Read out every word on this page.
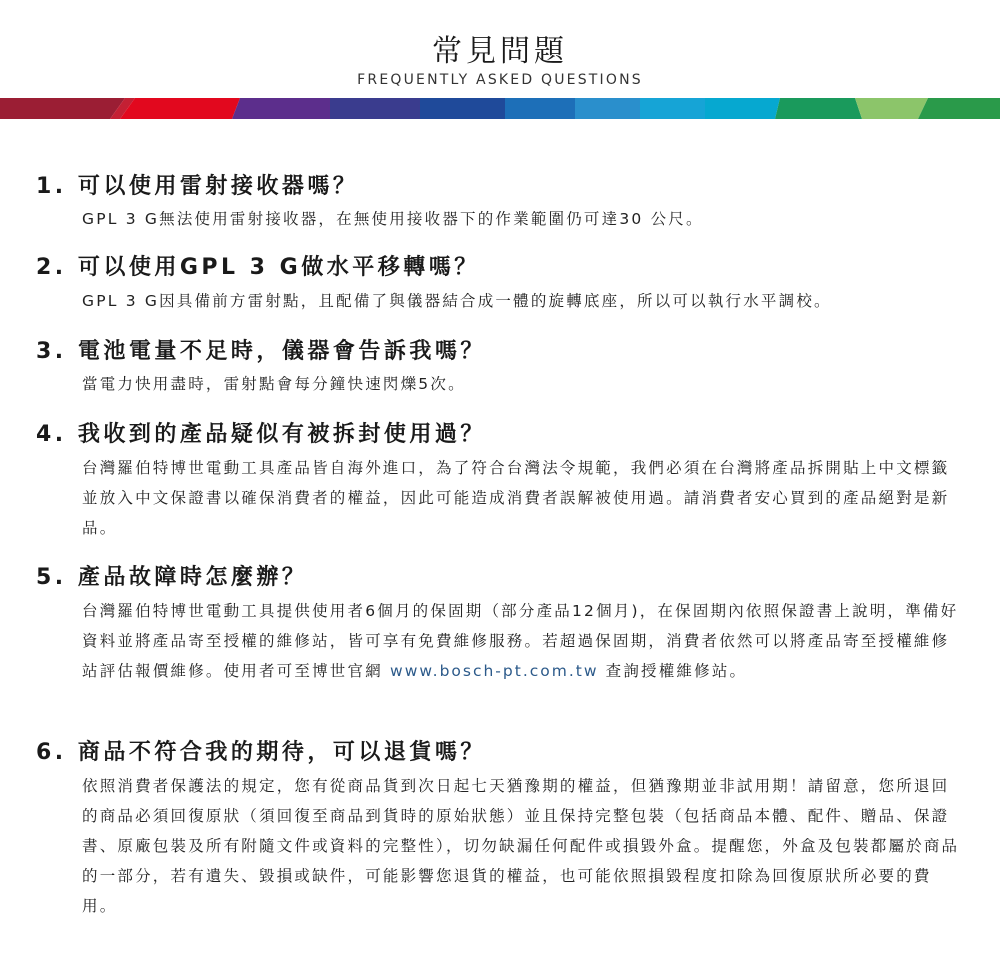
常見問題
FREQUENTLY ASKED QUESTIONS
1. 可以使用雷射接收器嗎？
GPL 3 G無法使用雷射接收器，在無使用接收器下的作業範圍仍可達30 公尺。
2. 可以使用GPL 3 G做水平移轉嗎？
GPL 3 G因具備前方雷射點，且配備了與儀器結合成一體的旋轉底座，所以可以執行水平調校。
3. 電池電量不足時，儀器會告訴我嗎？
當電力快用盡時，雷射點會每分鐘快速閃爍5次。
4. 我收到的產品疑似有被拆封使用過？
台灣羅伯特博世電動工具產品皆自海外進口，為了符合台灣法令規範，我們必須在台灣將產品拆開貼上中文標籤並放入中文保證書以確保消費者的權益，因此可能造成消費者誤解被使用過。請消費者安心買到的產品絕對是新品。
5. 產品故障時怎麼辦？
台灣羅伯特博世電動工具提供使用者6個月的保固期（部分產品12個月)，在保固期內依照保證書上說明，準備好資料並將產品寄至授權的維修站，皆可享有免費維修服務。若超過保固期，消費者依然可以將產品寄至授權維修站評估報價維修。使用者可至博世官網 www.bosch-pt.com.tw 查詢授權維修站。
6. 商品不符合我的期待，可以退貨嗎？
依照消費者保護法的規定，您有從商品貨到次日起七天猶豫期的權益，但猶豫期並非試用期！請留意，您所退回的商品必須回復原狀（須回復至商品到貨時的原始狀態）並且保持完整包裝（包括商品本體、配件、贈品、保證書、原廠包裝及所有附隨文件或資料的完整性），切勿缺漏任何配件或損毀外盒。提醒您，外盒及包裝都屬於商品的一部分，若有遺失、毀損或缺件，可能影響您退貨的權益，也可能依照損毀程度扣除為回復原狀所必要的費用。
